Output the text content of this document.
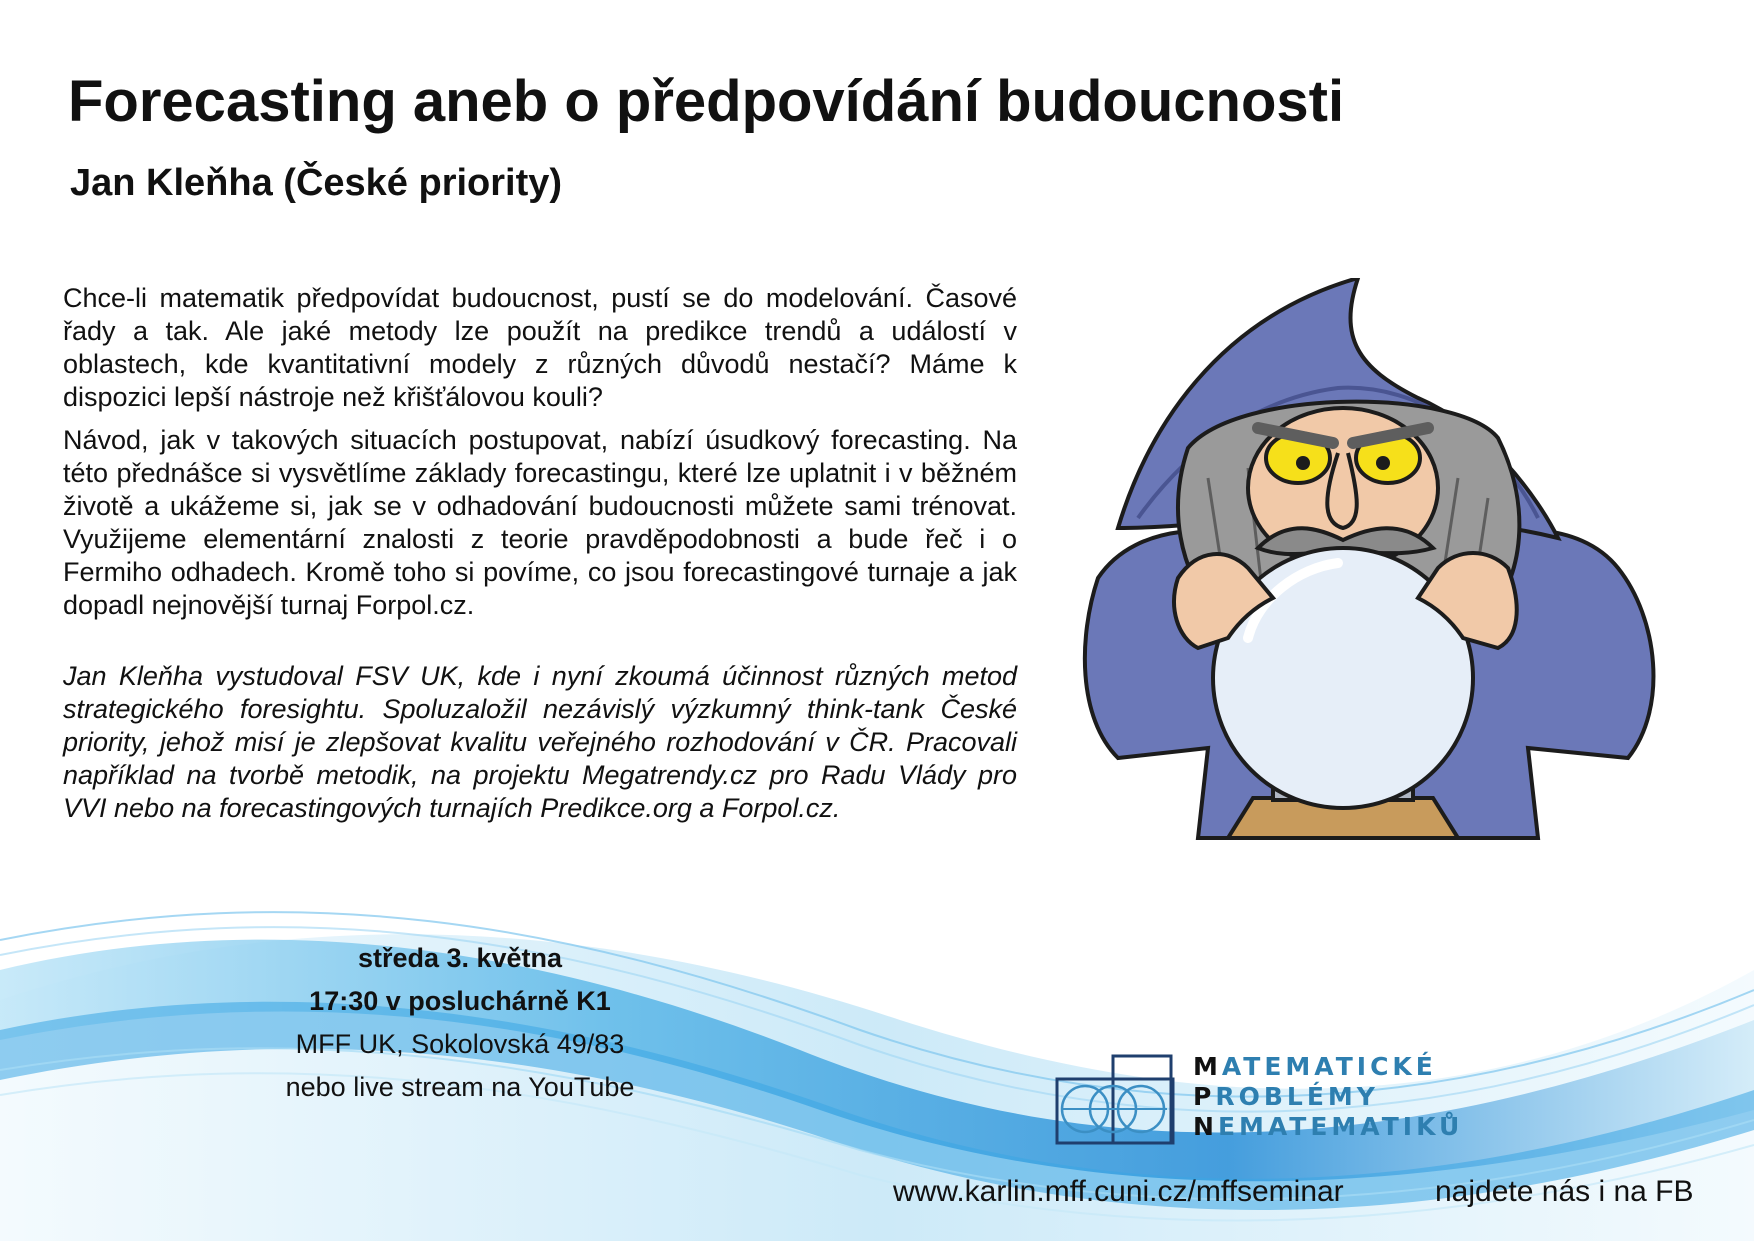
Forecasting aneb o předpovídání budoucnosti
Jan Kleňha (České priority)

Chce-li matematik předpovídat budoucnost, pustí se do modelování. Časové řady a tak. Ale jaké metody lze použít na predikce trendů a událostí v oblastech, kde kvantitativní modely z různých důvodů nestačí? Máme k dispozici lepší nástroje než křišťálovou kouli?

Návod, jak v takových situacích postupovat, nabízí úsudkový forecasting. Na této přednášce si vysvětlíme základy forecastingu, které lze uplatnit i v běžném životě a ukážeme si, jak se v odhadování budoucnosti můžete sami trénovat. Využijeme elementární znalosti z teorie pravděpodobnosti a bude řeč i o Fermiho odhadech. Kromě toho si povíme, co jsou forecastingové turnaje a jak dopadl nejnovější turnaj Forpol.cz.

Jan Kleňha vystudoval FSV UK, kde i nyní zkoumá účinnost různých metod strategického foresightu. Spoluzaložil nezávislý výzkumný think-tank České priority, jehož misí je zlepšovat kvalitu veřejného rozhodování v ČR. Pracovali například na tvorbě metodik, na projektu Megatrendy.cz pro Radu Vlády pro VVI nebo na forecastingových turnajích Predikce.org a Forpol.cz.

středa 3. května
17:30 v posluchárně K1
MFF UK, Sokolovská 49/83
nebo live stream na YouTube
MATEMATICKÉ
PROBLÉMY
NEMATEMATIKŮ
www.karlin.mff.cuni.cz/mffseminar	najdete nás i na FB
